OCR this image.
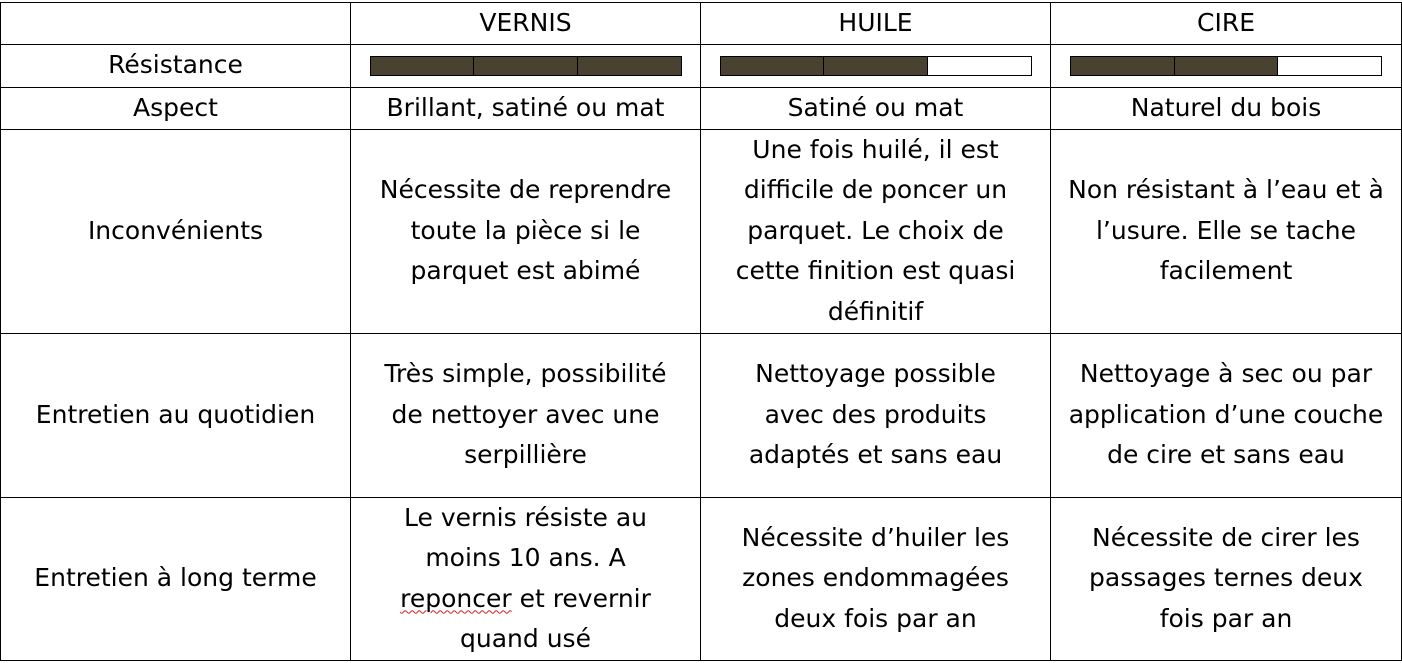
	VERNIS	HUILE	CIRE
Résistance	

Aspect	Brillant, satiné ou mat	Satiné ou mat	Naturel du bois
Inconvénients	Nécessite de reprendre toute la pièce si le parquet est abimé	Une fois huilé, il est difficile de poncer un parquet. Le choix de cette finition est quasi définitif	Non résistant à l’eau et à l’usure. Elle se tache facilement
Entretien au quotidien	Très simple, possibilité de nettoyer avec une serpillière	Nettoyage possible avec des produits adaptés et sans eau	Nettoyage à sec ou par application d’une couche de cire et sans eau
Entretien à long terme	Le vernis résiste au moins 10 ans. A reponcer et revernir quand usé	Nécessite d’huiler les zones endommagées deux fois par an	Nécessite de cirer les passages ternes deux fois par an
